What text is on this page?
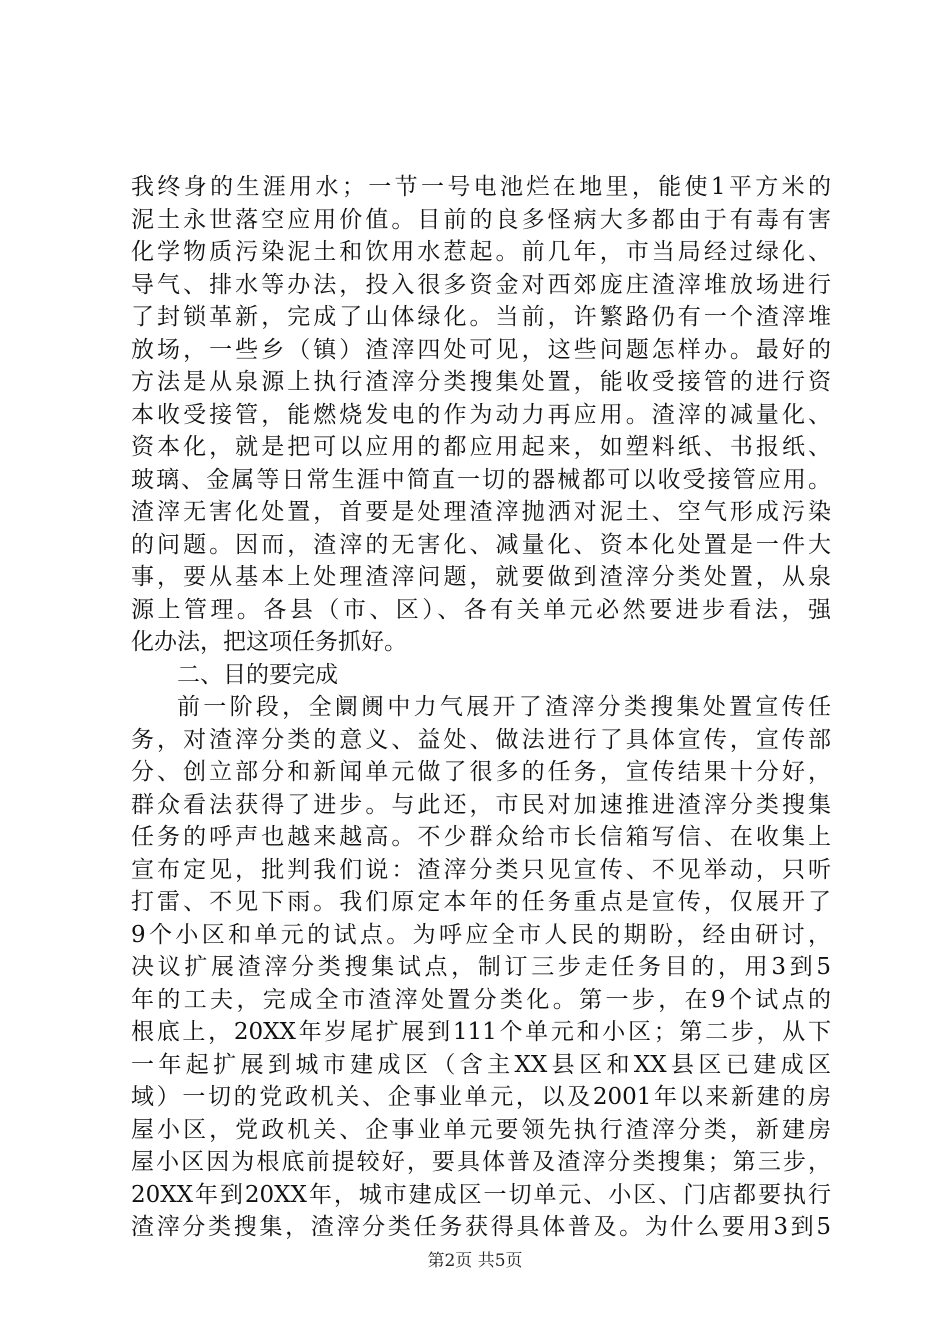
我终身的生涯用水；一节一号电池烂在地里，能使1平方米的
泥土永世落空应用价值。目前的良多怪病大多都由于有毒有害
化学物质污染泥土和饮用水惹起。前几年，市当局经过绿化、
导气、排水等办法，投入很多资金对西郊庞庄渣滓堆放场进行
了封锁革新，完成了山体绿化。当前，许繁路仍有一个渣滓堆
放场，一些乡（镇）渣滓四处可见，这些问题怎样办。最好的
方法是从泉源上执行渣滓分类搜集处置，能收受接管的进行资
本收受接管，能燃烧发电的作为动力再应用。渣滓的减量化、
资本化，就是把可以应用的都应用起来，如塑料纸、书报纸、
玻璃、金属等日常生涯中简直一切的器械都可以收受接管应用。
渣滓无害化处置，首要是处理渣滓抛洒对泥土、空气形成污染
的问题。因而，渣滓的无害化、减量化、资本化处置是一件大
事，要从基本上处理渣滓问题，就要做到渣滓分类处置，从泉
源上管理。各县（市、区）、各有关单元必然要进步看法，强
化办法，把这项任务抓好。
二、目的要完成
前一阶段，全阛阓中力气展开了渣滓分类搜集处置宣传任
务，对渣滓分类的意义、益处、做法进行了具体宣传，宣传部
分、创立部分和新闻单元做了很多的任务，宣传结果十分好，
群众看法获得了进步。与此还，市民对加速推进渣滓分类搜集
任务的呼声也越来越高。不少群众给市长信箱写信、在收集上
宣布定见，批判我们说：渣滓分类只见宣传、不见举动，只听
打雷、不见下雨。我们原定本年的任务重点是宣传，仅展开了
9个小区和单元的试点。为呼应全市人民的期盼，经由研讨，
决议扩展渣滓分类搜集试点，制订三步走任务目的，用3到5
年的工夫，完成全市渣滓处置分类化。第一步，在9个试点的
根底上，20XX年岁尾扩展到111个单元和小区；第二步，从下
一年起扩展到城市建成区（含主XX县区和XX县区已建成区
域）一切的党政机关、企事业单元，以及2001年以来新建的房
屋小区，党政机关、企事业单元要领先执行渣滓分类，新建房
屋小区因为根底前提较好，要具体普及渣滓分类搜集；第三步，
20XX年到20XX年，城市建成区一切单元、小区、门店都要执行
渣滓分类搜集，渣滓分类任务获得具体普及。为什么要用3到5
第2页 共5页
